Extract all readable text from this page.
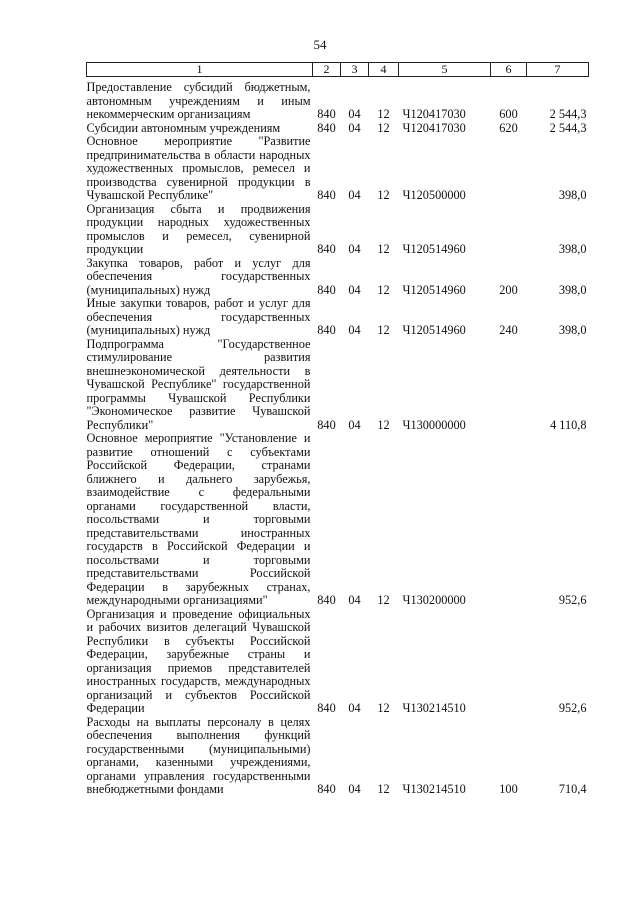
54
1	2	3	4	5	6	7
Предоставление субсидий бюджетным, автономным учреждениям и иным некоммерческим организациям	840	04	12	Ч120417030	600	2 544,3
Субсидии автономным учреждениям	840	04	12	Ч120417030	620	2 544,3
Основное мероприятие "Развитие предпринимательства в области народных художественных промыслов, ремесел и производства сувенирной продукции в Чувашской Республике"	840	04	12	Ч120500000		398,0
Организация сбыта и продвижения продукции народных художественных промыслов и ремесел, сувенирной продукции	840	04	12	Ч120514960		398,0
Закупка товаров, работ и услуг для обеспечения государственных (муниципальных) нужд	840	04	12	Ч120514960	200	398,0
Иные закупки товаров, работ и услуг для обеспечения государственных (муниципальных) нужд	840	04	12	Ч120514960	240	398,0
Подпрограмма "Государственное стимулирование развития внешнеэкономической деятельности в Чувашской Республике" государственной программы Чувашской Республики "Экономическое развитие Чувашской Республики"	840	04	12	Ч130000000		4 110,8
Основное мероприятие "Установление и развитие отношений с субъектами Российской Федерации, странами ближнего и дальнего зарубежья, взаимодействие с федеральными органами государственной власти, посольствами и торговыми представительствами иностранных государств в Российской Федерации и посольствами и торговыми представительствами Российской Федерации в зарубежных странах, международными организациями"	840	04	12	Ч130200000		952,6
Организация и проведение официальных и рабочих визитов делегаций Чувашской Республики в субъекты Российской Федерации, зарубежные страны и организация приемов представителей иностранных государств, международных организаций и субъектов Российской Федерации	840	04	12	Ч130214510		952,6
Расходы на выплаты персоналу в целях обеспечения выполнения функций государственными (муниципальными) органами, казенными учреждениями, органами управления государственными внебюджетными фондами	840	04	12	Ч130214510	100	710,4
